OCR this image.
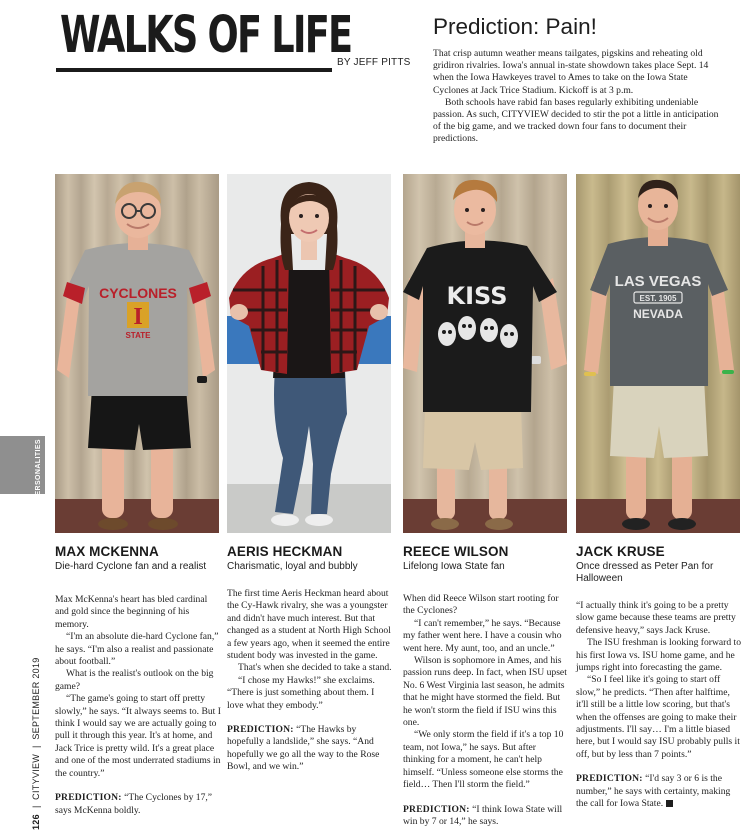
WALKS OF LIFE
BY JEFF PITTS
Prediction: Pain!

That crisp autumn weather means tailgates, pigskins and reheating old gridiron rivalries. Iowa's annual in-state showdown takes place Sept. 14 when the Iowa Hawkeyes travel to Ames to take on the Iowa State Cyclones at Jack Trice Stadium. Kickoff is at 3 p.m.

Both schools have rabid fan bases regularly exhibiting undeniable passion. As such, CITYVIEW decided to stir the pot a little in anticipation of the big game, and we tracked down four fans to document their predictions.

PERSONALITIES
126 | CITYVIEW | SEPTEMBER 2019
CYCLONES
I
STATE
MAX MCKENNA
Die-hard Cyclone fan and a realist

Max McKenna's heart has bled cardinal and gold since the beginning of his memory.

“I'm an absolute die-hard Cyclone fan,” he says. “I'm also a realist and passionate about football.”

What is the realist's outlook on the big game?

“The game's going to start off pretty slowly,” he says. “It always seems to. But I think I would say we are actually going to pull it through this year. It's at home, and Jack Trice is pretty wild. It's a great place and one of the most underrated stadiums in the country.”

PREDICTION: “The Cyclones by 17,” says McKenna boldly.

AERIS HECKMAN
Charismatic, loyal and bubbly

The first time Aeris Heckman heard about the Cy-Hawk rivalry, she was a youngster and didn't have much interest. But that changed as a student at North High School a few years ago, when it seemed the entire student body was invested in the game.

That's when she decided to take a stand.

“I chose my Hawks!” she exclaims. “There is just something about them. I love what they embody.”

PREDICTION: “The Hawks by hopefully a landslide,” she says. “And hopefully we go all the way to the Rose Bowl, and we win.”

KISS
REECE WILSON
Lifelong Iowa State fan

When did Reece Wilson start rooting for the Cyclones?

“I can't remember,” he says. “Because my father went here. I have a cousin who went here. My aunt, too, and an uncle.”

Wilson is sophomore in Ames, and his passion runs deep. In fact, when ISU upset No. 6 West Virginia last season, he admits that he might have stormed the field. But he won't storm the field if ISU wins this one.

“We only storm the field if it's a top 10 team, not Iowa,” he says. But after thinking for a moment, he can't help himself. “Unless someone else storms the field… Then I'll storm the field.”

PREDICTION: “I think Iowa State will win by 7 or 14,” he says.

LAS VEGAS
EST. 1905
NEVADA
JACK KRUSE
Once dressed as Peter Pan for Halloween

“I actually think it's going to be a pretty slow game because these teams are pretty defensive heavy,” says Jack Kruse.

The ISU freshman is looking forward to his first Iowa vs. ISU home game, and he jumps right into forecasting the game.

“So I feel like it's going to start off slow,” he predicts. “Then after halftime, it'll still be a little low scoring, but that's when the offenses are going to make their adjustments. I'll say… I'm a little biased here, but I would say ISU probably pulls it off, but by less than 7 points.”

PREDICTION: “I'd say 3 or 6 is the number,” he says with certainty, making the call for Iowa State.
